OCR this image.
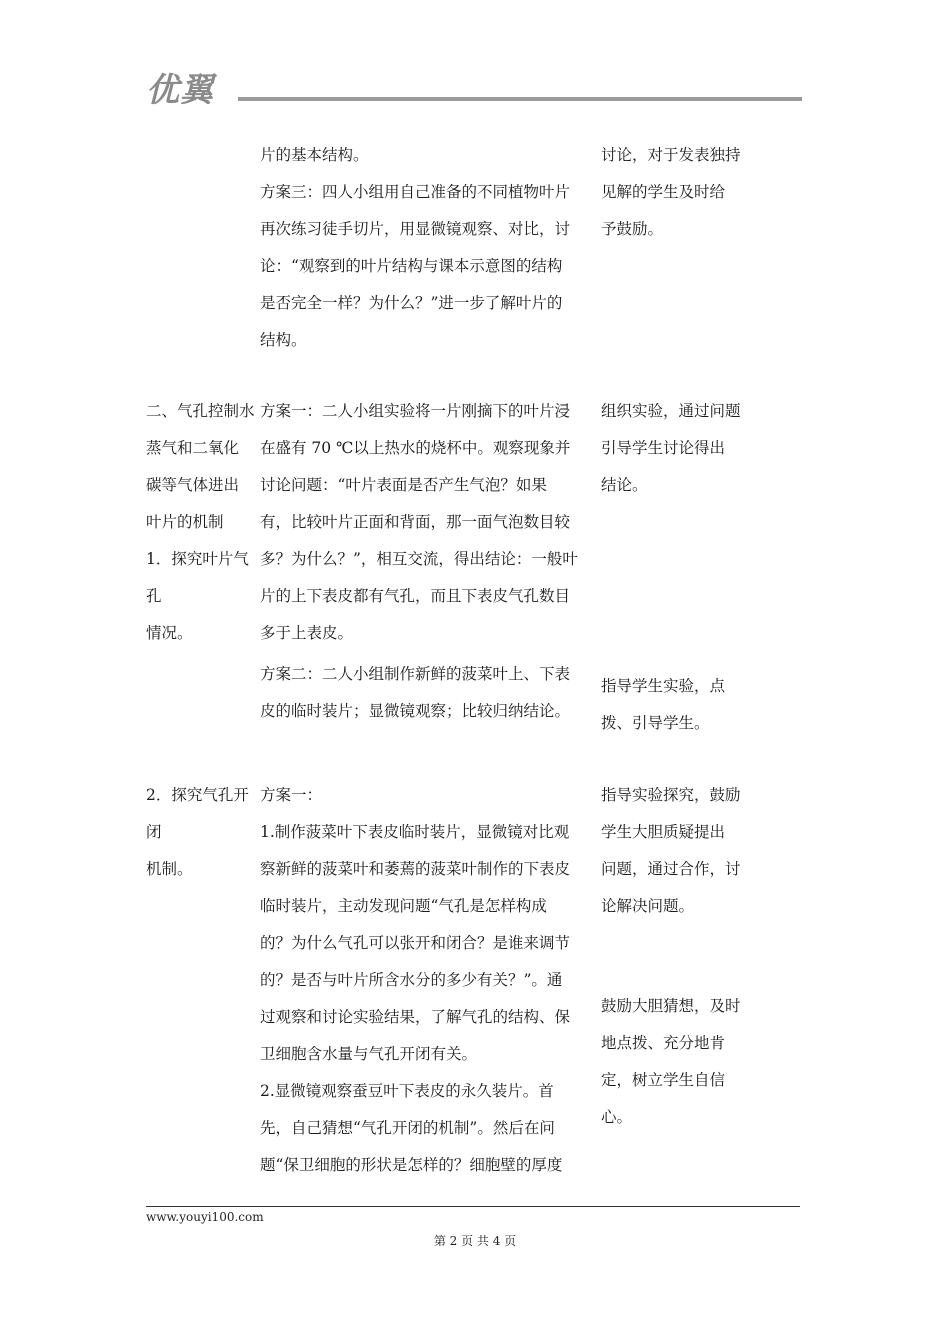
优翼

片的基本结构。

方案三：四人小组用自己准备的不同植物叶片

再次练习徒手切片，用显微镜观察、对比，讨

论：“观察到的叶片结构与课本示意图的结构

是否完全一样？为什么？”进一步了解叶片的

结构。

讨论，对于发表独持

见解的学生及时给

予鼓励。

二、气孔控制水

蒸气和二氧化

碳等气体进出

叶片的机制

1．探究叶片气

孔

情况。

方案一：二人小组实验将一片刚摘下的叶片浸

在盛有 70 ℃以上热水的烧杯中。观察现象并

讨论问题：“叶片表面是否产生气泡？如果

有，比较叶片正面和背面，那一面气泡数目较

多？为什么？”，相互交流，得出结论：一般叶

片的上下表皮都有气孔，而且下表皮气孔数目

多于上表皮。

方案二：二人小组制作新鲜的菠菜叶上、下表

皮的临时装片；显微镜观察；比较归纳结论。

组织实验，通过问题

引导学生讨论得出

结论。

指导学生实验，点

拨、引导学生。

2．探究气孔开

闭

机制。

方案一：

1.制作菠菜叶下表皮临时装片，显微镜对比观

察新鲜的菠菜叶和萎蔫的菠菜叶制作的下表皮

临时装片，主动发现问题“气孔是怎样构成

的？为什么气孔可以张开和闭合？是谁来调节

的？是否与叶片所含水分的多少有关？”。通

过观察和讨论实验结果，了解气孔的结构、保

卫细胞含水量与气孔开闭有关。

2.显微镜观察蚕豆叶下表皮的永久装片。首

先，自己猜想“气孔开闭的机制”。然后在问

题“保卫细胞的形状是怎样的？细胞壁的厚度

指导实验探究，鼓励

学生大胆质疑提出

问题，通过合作，讨

论解决问题。

鼓励大胆猜想，及时

地点拨、充分地肯

定，树立学生自信

心。

www.youyi100.com
第 2 页 共 4 页
